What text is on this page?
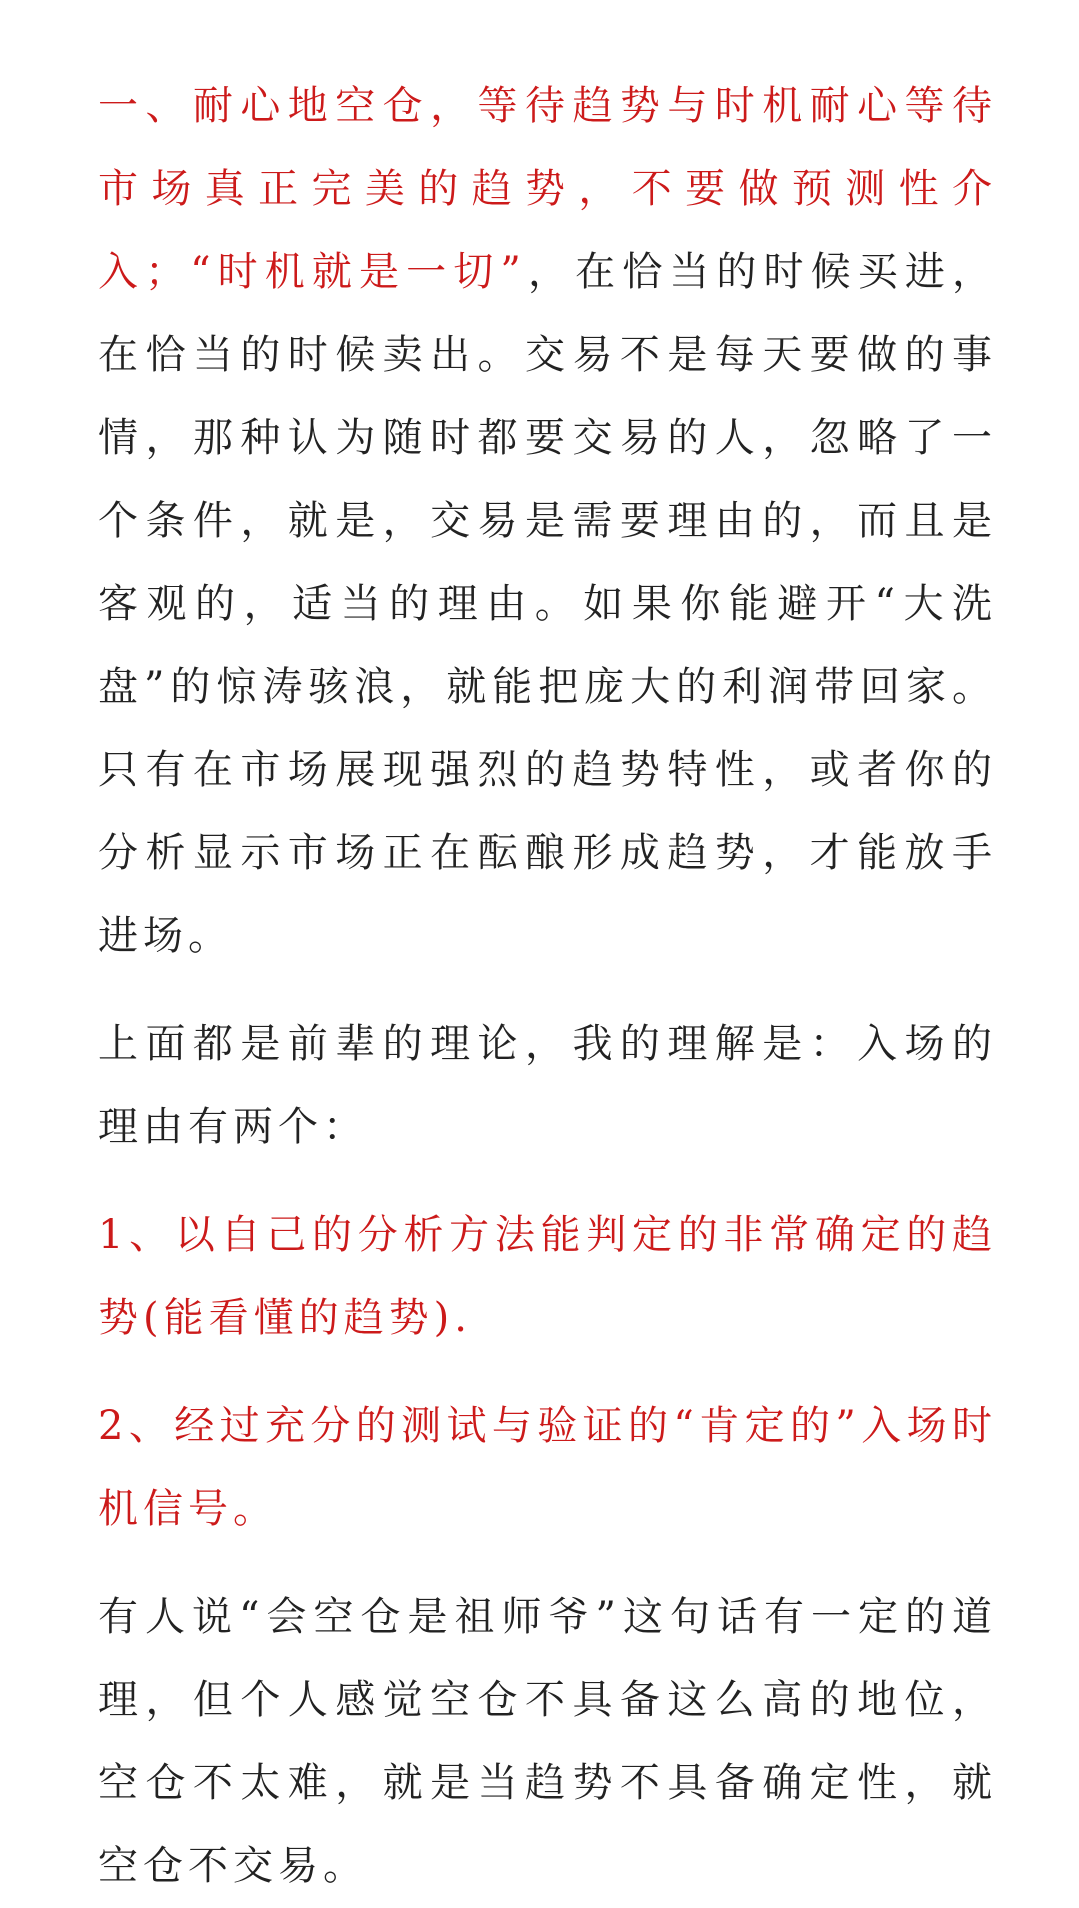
一、耐心地空仓，等待趋势与时机耐心等待市场真正完美的趋势，不要做预测性介入；“时机就是一切”，在恰当的时候买进，在恰当的时候卖出。交易不是每天要做的事情，那种认为随时都要交易的人，忽略了一个条件，就是，交易是需要理由的，而且是客观的，适当的理由。如果你能避开“大洗盘”的惊涛骇浪，就能把庞大的利润带回家。只有在市场展现强烈的趋势特性，或者你的分析显示市场正在酝酿形成趋势，才能放手进场。

上面都是前辈的理论，我的理解是：入场的理由有两个：

1、以自己的分析方法能判定的非常确定的趋势(能看懂的趋势).

2、经过充分的测试与验证的“肯定的”入场时机信号。

有人说“会空仓是祖师爷”这句话有一定的道理，但个人感觉空仓不具备这么高的地位，空仓不太难，就是当趋势不具备确定性，就空仓不交易。
